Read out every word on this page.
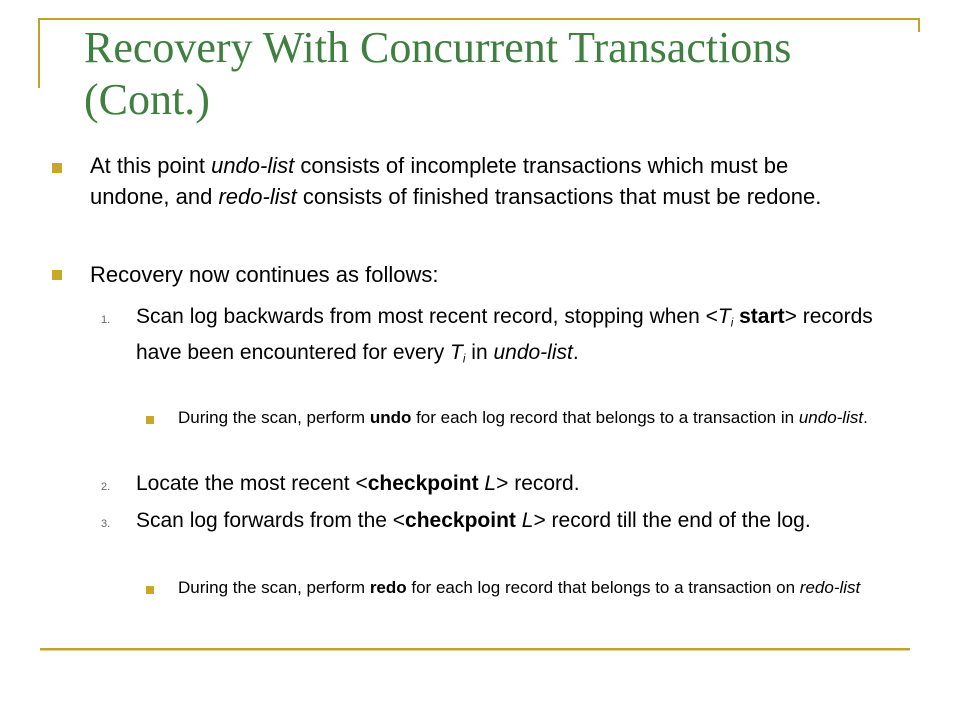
Recovery With Concurrent Transactions (Cont.)
At this point undo-list consists of incomplete transactions which must be undone, and redo-list consists of finished transactions that must be redone.
Recovery now continues as follows:
1. Scan log backwards from most recent record, stopping when $<T_i$ start> records have been encountered for every $T_i$ in undo-list.
During the scan, perform undo for each log record that belongs to a transaction in undo-list.
2. Locate the most recent <checkpoint L> record.
3. Scan log forwards from the <checkpoint L> record till the end of the log.
During the scan, perform redo for each log record that belongs to a transaction on redo-list
